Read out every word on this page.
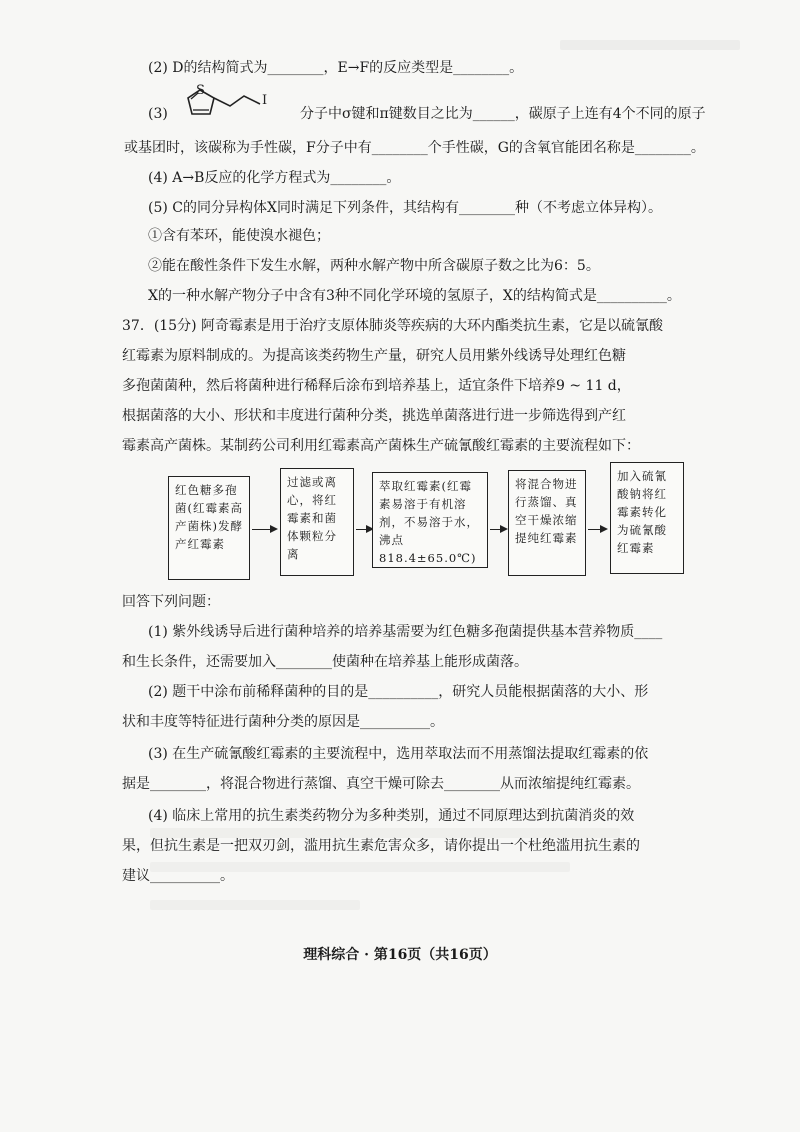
(2) D的结构简式为________，E→F的反应类型是________。
(3)
S
I
分子中σ键和π键数目之比为______，碳原子上连有4个不同的原子
或基团时，该碳称为手性碳，F分子中有________个手性碳，G的含氧官能团名称是________。
(4) A→B反应的化学方程式为________。
(5) C的同分异构体X同时满足下列条件，其结构有________种（不考虑立体异构）。
①含有苯环，能使溴水褪色；
②能在酸性条件下发生水解，两种水解产物中所含碳原子数之比为6：5。
X的一种水解产物分子中含有3种不同化学环境的氢原子，X的结构简式是__________。
37．(15分) 阿奇霉素是用于治疗支原体肺炎等疾病的大环内酯类抗生素，它是以硫氰酸
红霉素为原料制成的。为提高该类药物生产量，研究人员用紫外线诱导处理红色糖
多孢菌菌种，然后将菌种进行稀释后涂布到培养基上，适宜条件下培养9 ~ 11 d，
根据菌落的大小、形状和丰度进行菌种分类，挑选单菌落进行进一步筛选得到产红
霉素高产菌株。某制药公司利用红霉素高产菌株生产硫氰酸红霉素的主要流程如下：
红色糖多孢菌(红霉素高产菌株)发酵产红霉素
过滤或离心，将红霉素和菌体颗粒分离
萃取红霉素(红霉素易溶于有机溶剂，不易溶于水，沸点818.4±65.0℃)
将混合物进行蒸馏、真空干燥浓缩提纯红霉素
加入硫氰酸钠将红霉素转化为硫氰酸红霉素
回答下列问题：
(1) 紫外线诱导后进行菌种培养的培养基需要为红色糖多孢菌提供基本营养物质____
和生长条件，还需要加入________使菌种在培养基上能形成菌落。
(2) 题干中涂布前稀释菌种的目的是__________，研究人员能根据菌落的大小、形
状和丰度等特征进行菌种分类的原因是__________。
(3) 在生产硫氰酸红霉素的主要流程中，选用萃取法而不用蒸馏法提取红霉素的依
据是________，将混合物进行蒸馏、真空干燥可除去________从而浓缩提纯红霉素。
(4) 临床上常用的抗生素类药物分为多种类别，通过不同原理达到抗菌消炎的效
果，但抗生素是一把双刃剑，滥用抗生素危害众多，请你提出一个杜绝滥用抗生素的
建议__________。
理科综合 · 第16页（共16页）
